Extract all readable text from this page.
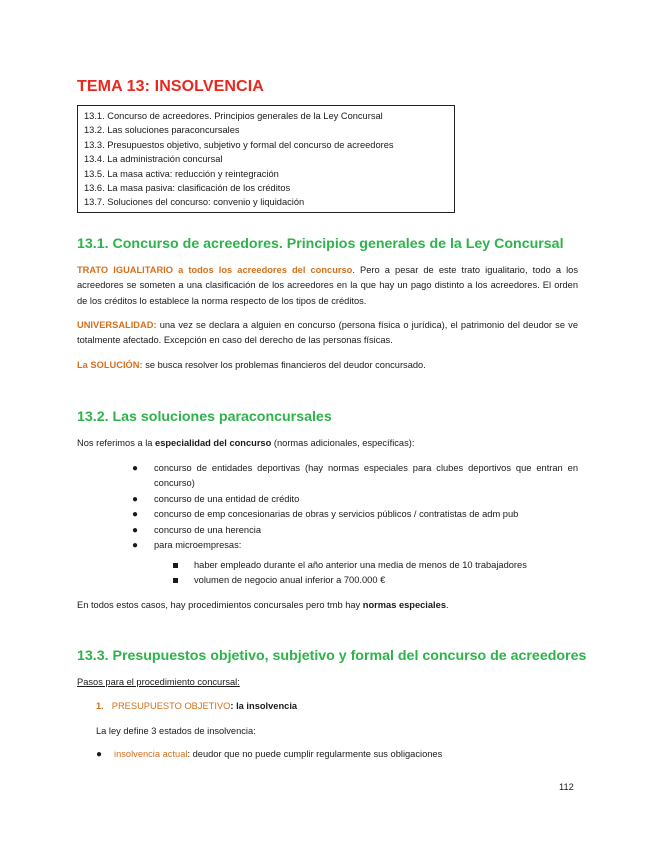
TEMA 13: INSOLVENCIA
13.1. Concurso de acreedores. Principios generales de la Ley Concursal
13.2. Las soluciones paraconcursales
13.3. Presupuestos objetivo, subjetivo y formal del concurso de acreedores
13.4. La administración concursal
13.5. La masa activa: reducción y reintegración
13.6. La masa pasiva: clasificación de los créditos
13.7. Soluciones del concurso: convenio y liquidación
13.1. Concurso de acreedores. Principios generales de la Ley Concursal

TRATO IGUALITARIO a todos los acreedores del concurso. Pero a pesar de este trato igualitario, todo a los acreedores se someten a una clasificación de los acreedores en la que hay un pago distinto a los acreedores. El orden de los créditos lo establece la norma respecto de los tipos de créditos.

UNIVERSALIDAD: una vez se declara a alguien en concurso (persona física o jurídica), el patrimonio del deudor se ve totalmente afectado. Excepción en caso del derecho de las personas físicas.

La SOLUCIÓN: se busca resolver los problemas financieros del deudor concursado.

13.2. Las soluciones paraconcursales

Nos referimos a la especialidad del concurso (normas adicionales, específicas):

● concurso de entidades deportivas (hay normas especiales para clubes deportivos que entran en concurso)
● concurso de una entidad de crédito
● concurso de emp concesionarias de obras y servicios públicos / contratistas de adm pub
● concurso de una herencia
● para microempresas:
haber empleado durante el año anterior una media de menos de 10 trabajadores
volumen de negocio anual inferior a 700.000 €

En todos estos casos, hay procedimientos concursales pero tmb hay normas especiales.

13.3. Presupuestos objetivo, subjetivo y formal del concurso de acreedores

Pasos para el procedimiento concursal:

1. PRESUPUESTO OBJETIVO: la insolvencia

La ley define 3 estados de insolvencia:

● insolvencia actual: deudor que no puede cumplir regularmente sus obligaciones
112
